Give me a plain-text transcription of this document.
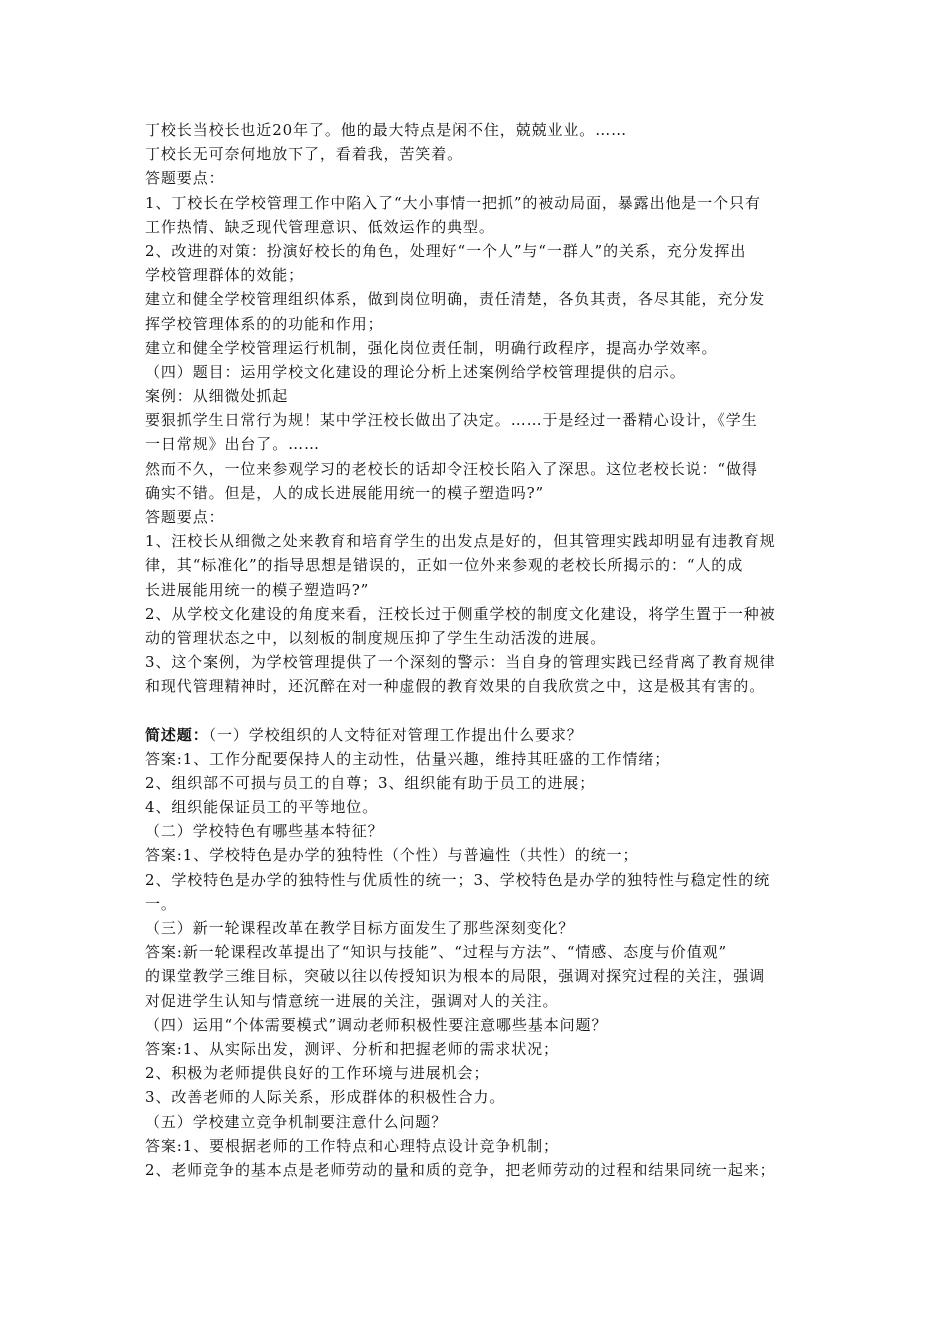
丁校长当校长也近20年了。他的最大特点是闲不住，兢兢业业。……
丁校长无可奈何地放下了，看着我，苦笑着。
答题要点：
1、丁校长在学校管理工作中陷入了“大小事情一把抓”的被动局面，暴露出他是一个只有
工作热情、缺乏现代管理意识、低效运作的典型。
2、改进的对策：扮演好校长的角色，处理好“一个人”与“一群人”的关系，充分发挥出
学校管理群体的效能；
建立和健全学校管理组织体系，做到岗位明确，责任清楚，各负其责，各尽其能，充分发
挥学校管理体系的的功能和作用；
建立和健全学校管理运行机制，强化岗位责任制，明确行政程序，提高办学效率。
（四）题目：运用学校文化建设的理论分析上述案例给学校管理提供的启示。
案例：从细微处抓起
要狠抓学生日常行为规！某中学汪校长做出了决定。……于是经过一番精心设计，《学生
一日常规》出台了。……
然而不久，一位来参观学习的老校长的话却令汪校长陷入了深思。这位老校长说：“做得
确实不错。但是，人的成长进展能用统一的模子塑造吗?”
答题要点：
1、汪校长从细微之处来教育和培育学生的出发点是好的，但其管理实践却明显有违教育规
律，其“标准化”的指导思想是错误的，正如一位外来参观的老校长所揭示的：“人的成
长进展能用统一的模子塑造吗?”
2、从学校文化建设的角度来看，汪校长过于侧重学校的制度文化建设，将学生置于一种被
动的管理状态之中，以刻板的制度规压抑了学生生动活泼的进展。
3、这个案例，为学校管理提供了一个深刻的警示：当自身的管理实践已经背离了教育规律
和现代管理精神时，还沉醉在对一种虚假的教育效果的自我欣赏之中，这是极其有害的。
简述题：（一）学校组织的人文特征对管理工作提出什么要求？
答案:1、工作分配要保持人的主动性，估量兴趣，维持其旺盛的工作情绪；
2、组织部不可损与员工的自尊；3、组织能有助于员工的进展；
4、组织能保证员工的平等地位。
（二）学校特色有哪些基本特征？
答案:1、学校特色是办学的独特性（个性）与普遍性（共性）的统一；
2、学校特色是办学的独特性与优质性的统一；3、学校特色是办学的独特性与稳定性的统
一。
（三）新一轮课程改革在教学目标方面发生了那些深刻变化？
答案:新一轮课程改革提出了“知识与技能”、“过程与方法”、“情感、态度与价值观”
的课堂教学三维目标，突破以往以传授知识为根本的局限，强调对探究过程的关注，强调
对促进学生认知与情意统一进展的关注，强调对人的关注。
（四）运用“个体需要模式”调动老师积极性要注意哪些基本问题？
答案:1、从实际出发，测评、分析和把握老师的需求状况；
2、积极为老师提供良好的工作环境与进展机会；
3、改善老师的人际关系，形成群体的积极性合力。
（五）学校建立竞争机制要注意什么问题？
答案:1、要根据老师的工作特点和心理特点设计竞争机制；
2、老师竞争的基本点是老师劳动的量和质的竞争，把老师劳动的过程和结果同统一起来；
